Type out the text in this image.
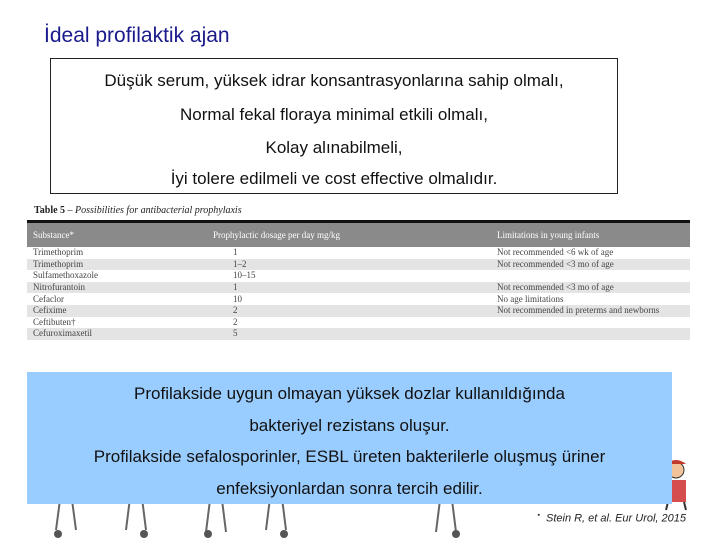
İdeal profilaktik ajan
Düşük serum, yüksek idrar konsantrasyonlarına sahip olmalı,
Normal fekal floraya minimal etkili olmalı,
Kolay alınabilmeli,
İyi tolere edilmeli ve cost effective olmalıdır.
Table 5 – Possibilities for antibacterial prophylaxis
Substance*	Prophylactic dosage per day mg/kg	Limitations in young infants
Trimethoprim	1	Not recommended <6 wk of age
Trimethoprim	1–2	Not recommended <3 mo of age
Sulfamethoxazole	10–15	
Nitrofurantoin	1	Not recommended <3 mo of age
Cefaclor	10	No age limitations
Cefixime	2	Not recommended in preterms and newborns
Ceftibuten†	2	
Cefuroximaxetil	5	
Profilakside uygun olmayan yüksek dozlar kullanıldığında
bakteriyel rezistans oluşur.
Profilakside sefalosporinler, ESBL üreten bakterilerle oluşmuş üriner
enfeksiyonlardan sonra tercih edilir.
▪ Stein R, et al. Eur Urol, 2015
